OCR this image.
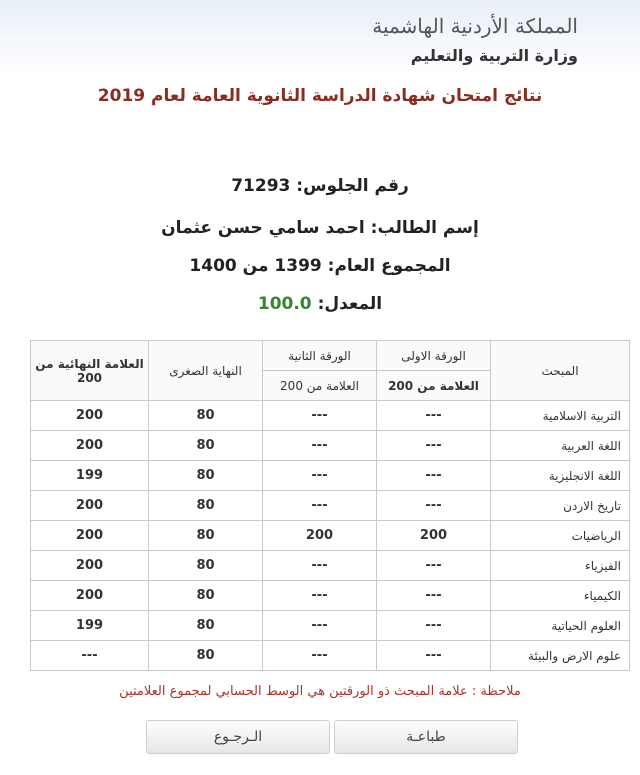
المملكة الأردنية الهاشمية
وزارة التربية والتعليم
نتائج امتحان شهادة الدراسة الثانوية العامة لعام 2019
رقم الجلوس: 71293
إسم الطالب: احمد سامي حسن عثمان
المجموع العام: 1399 من 1400
المعدل: 100.0
المبحث	الورقة الاولى	الورقة الثانية	النهاية الصغرى	العلامة النهائية من 200
	العلامة من 200	العلامة من 200		
التربية الاسلامية	---	---	80	200
اللغة العربية	---	---	80	200
اللغة الانجليزية	---	---	80	199
تاريخ الاردن	---	---	80	200
الرياضيات	200	200	80	200
الفيزياء	---	---	80	200
الكيمياء	---	---	80	200
العلوم الحياتية	---	---	80	199
علوم الارض والبيئة	---	---	80	---
ملاحظة : علامة المبحث ذو الورقتين هي الوسط الحسابي لمجموع العلامتين
طباعـة
الـرجـوع
